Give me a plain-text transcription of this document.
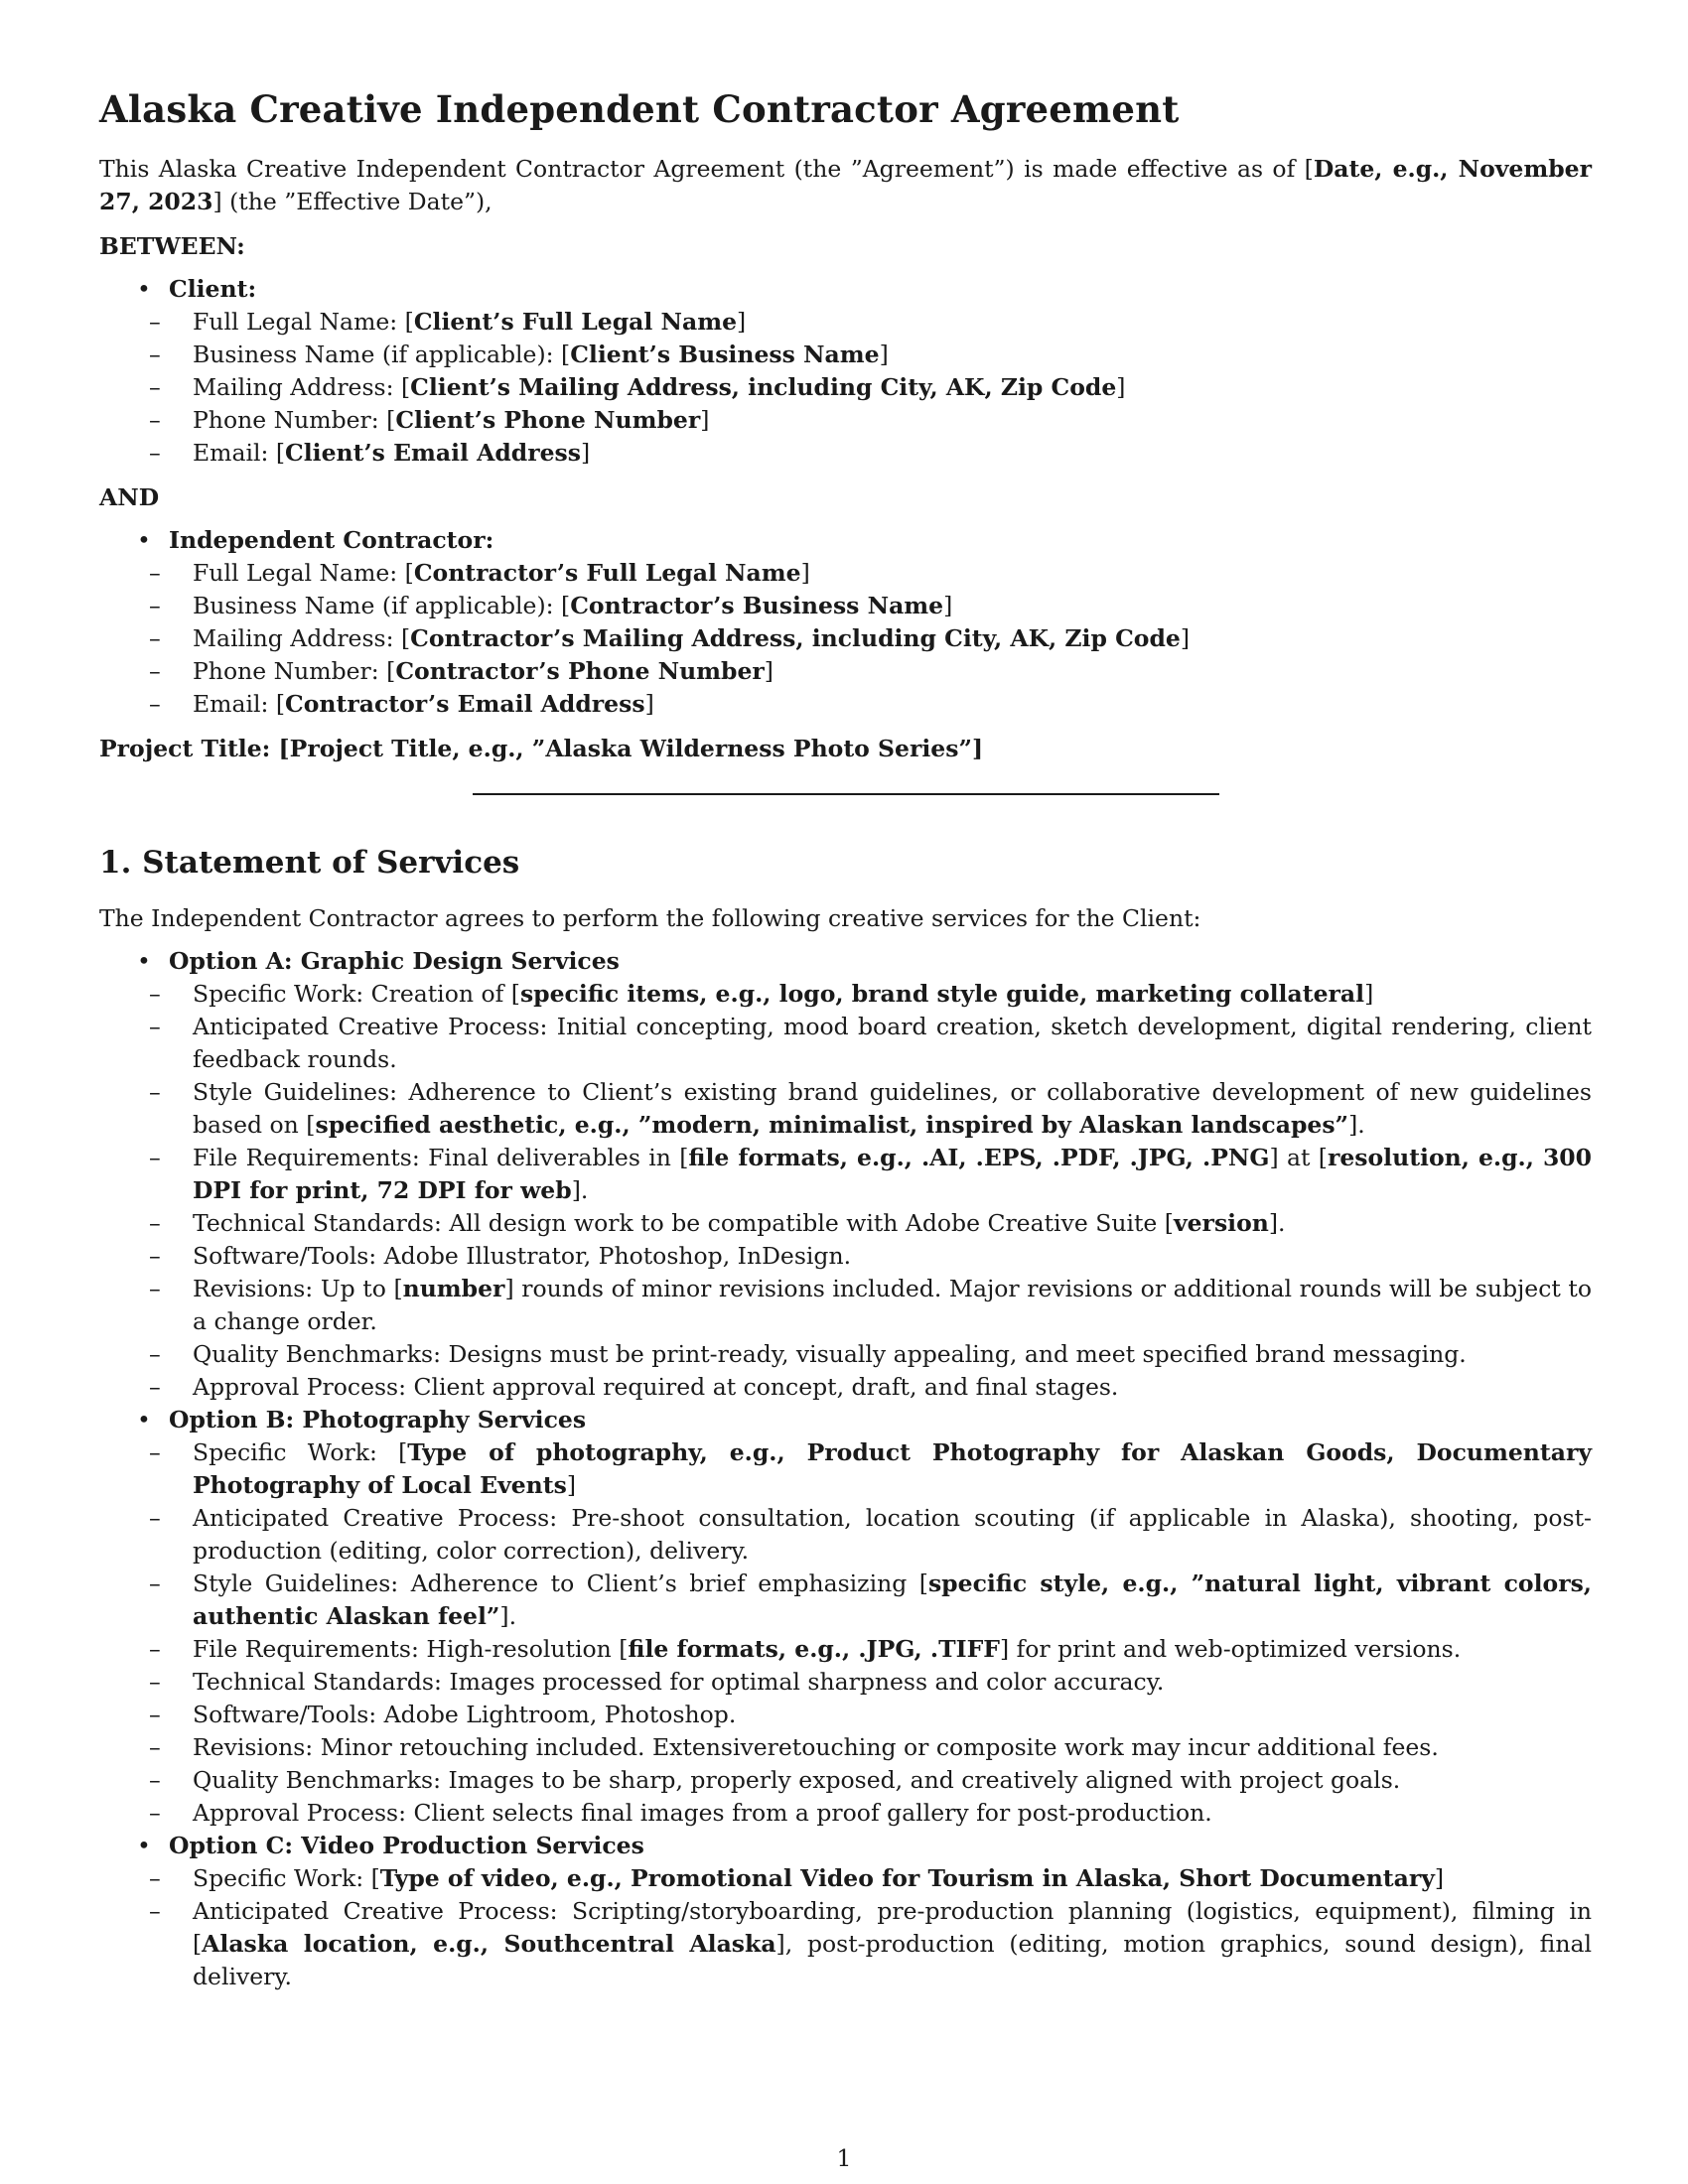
Alaska Creative Independent Contractor Agreement

This Alaska Creative Independent Contractor Agreement (the ”Agreement”) is made effective as of [Date, e.g., November 27, 2023] (the ”Effective Date”),

BETWEEN:

• Client:
– Full Legal Name: [Client’s Full Legal Name]
– Business Name (if applicable): [Client’s Business Name]
– Mailing Address: [Client’s Mailing Address, including City, AK, Zip Code]
– Phone Number: [Client’s Phone Number]
– Email: [Client’s Email Address]

AND

• Independent Contractor:
– Full Legal Name: [Contractor’s Full Legal Name]
– Business Name (if applicable): [Contractor’s Business Name]
– Mailing Address: [Contractor’s Mailing Address, including City, AK, Zip Code]
– Phone Number: [Contractor’s Phone Number]
– Email: [Contractor’s Email Address]

Project Title: [Project Title, e.g., ”Alaska Wilderness Photo Series”]

1. Statement of Services

The Independent Contractor agrees to perform the following creative services for the Client:

• Option A: Graphic Design Services
– Specific Work: Creation of [specific items, e.g., logo, brand style guide, marketing collateral]
– Anticipated Creative Process: Initial concepting, mood board creation, sketch development, digital rendering, client feedback rounds.
– Style Guidelines: Adherence to Client’s existing brand guidelines, or collaborative development of new guidelines based on [specified aesthetic, e.g., ”modern, minimalist, inspired by Alaskan landscapes”].
– File Requirements: Final deliverables in [file formats, e.g., .AI, .EPS, .PDF, .JPG, .PNG] at [resolution, e.g., 300 DPI for print, 72 DPI for web].
– Technical Standards: All design work to be compatible with Adobe Creative Suite [version].
– Software/Tools: Adobe Illustrator, Photoshop, InDesign.
– Revisions: Up to [number] rounds of minor revisions included. Major revisions or additional rounds will be subject to a change order.
– Quality Benchmarks: Designs must be print-ready, visually appealing, and meet specified brand messaging.
– Approval Process: Client approval required at concept, draft, and final stages.
• Option B: Photography Services
– Specific Work: [Type of photography, e.g., Product Photography for Alaskan Goods, Documentary Photography of Local Events]
– Anticipated Creative Process: Pre-shoot consultation, location scouting (if applicable in Alaska), shooting, post-production (editing, color correction), delivery.
– Style Guidelines: Adherence to Client’s brief emphasizing [specific style, e.g., ”natural light, vibrant colors, authentic Alaskan feel”].
– File Requirements: High-resolution [file formats, e.g., .JPG, .TIFF] for print and web-optimized versions.
– Technical Standards: Images processed for optimal sharpness and color accuracy.
– Software/Tools: Adobe Lightroom, Photoshop.
– Revisions: Minor retouching included. Extensiveretouching or composite work may incur additional fees.
– Quality Benchmarks: Images to be sharp, properly exposed, and creatively aligned with project goals.
– Approval Process: Client selects final images from a proof gallery for post-production.
• Option C: Video Production Services
– Specific Work: [Type of video, e.g., Promotional Video for Tourism in Alaska, Short Documentary]
– Anticipated Creative Process: Scripting/storyboarding, pre-production planning (logistics, equipment), filming in [Alaska location, e.g., Southcentral Alaska], post-production (editing, motion graphics, sound design), final delivery.
1
